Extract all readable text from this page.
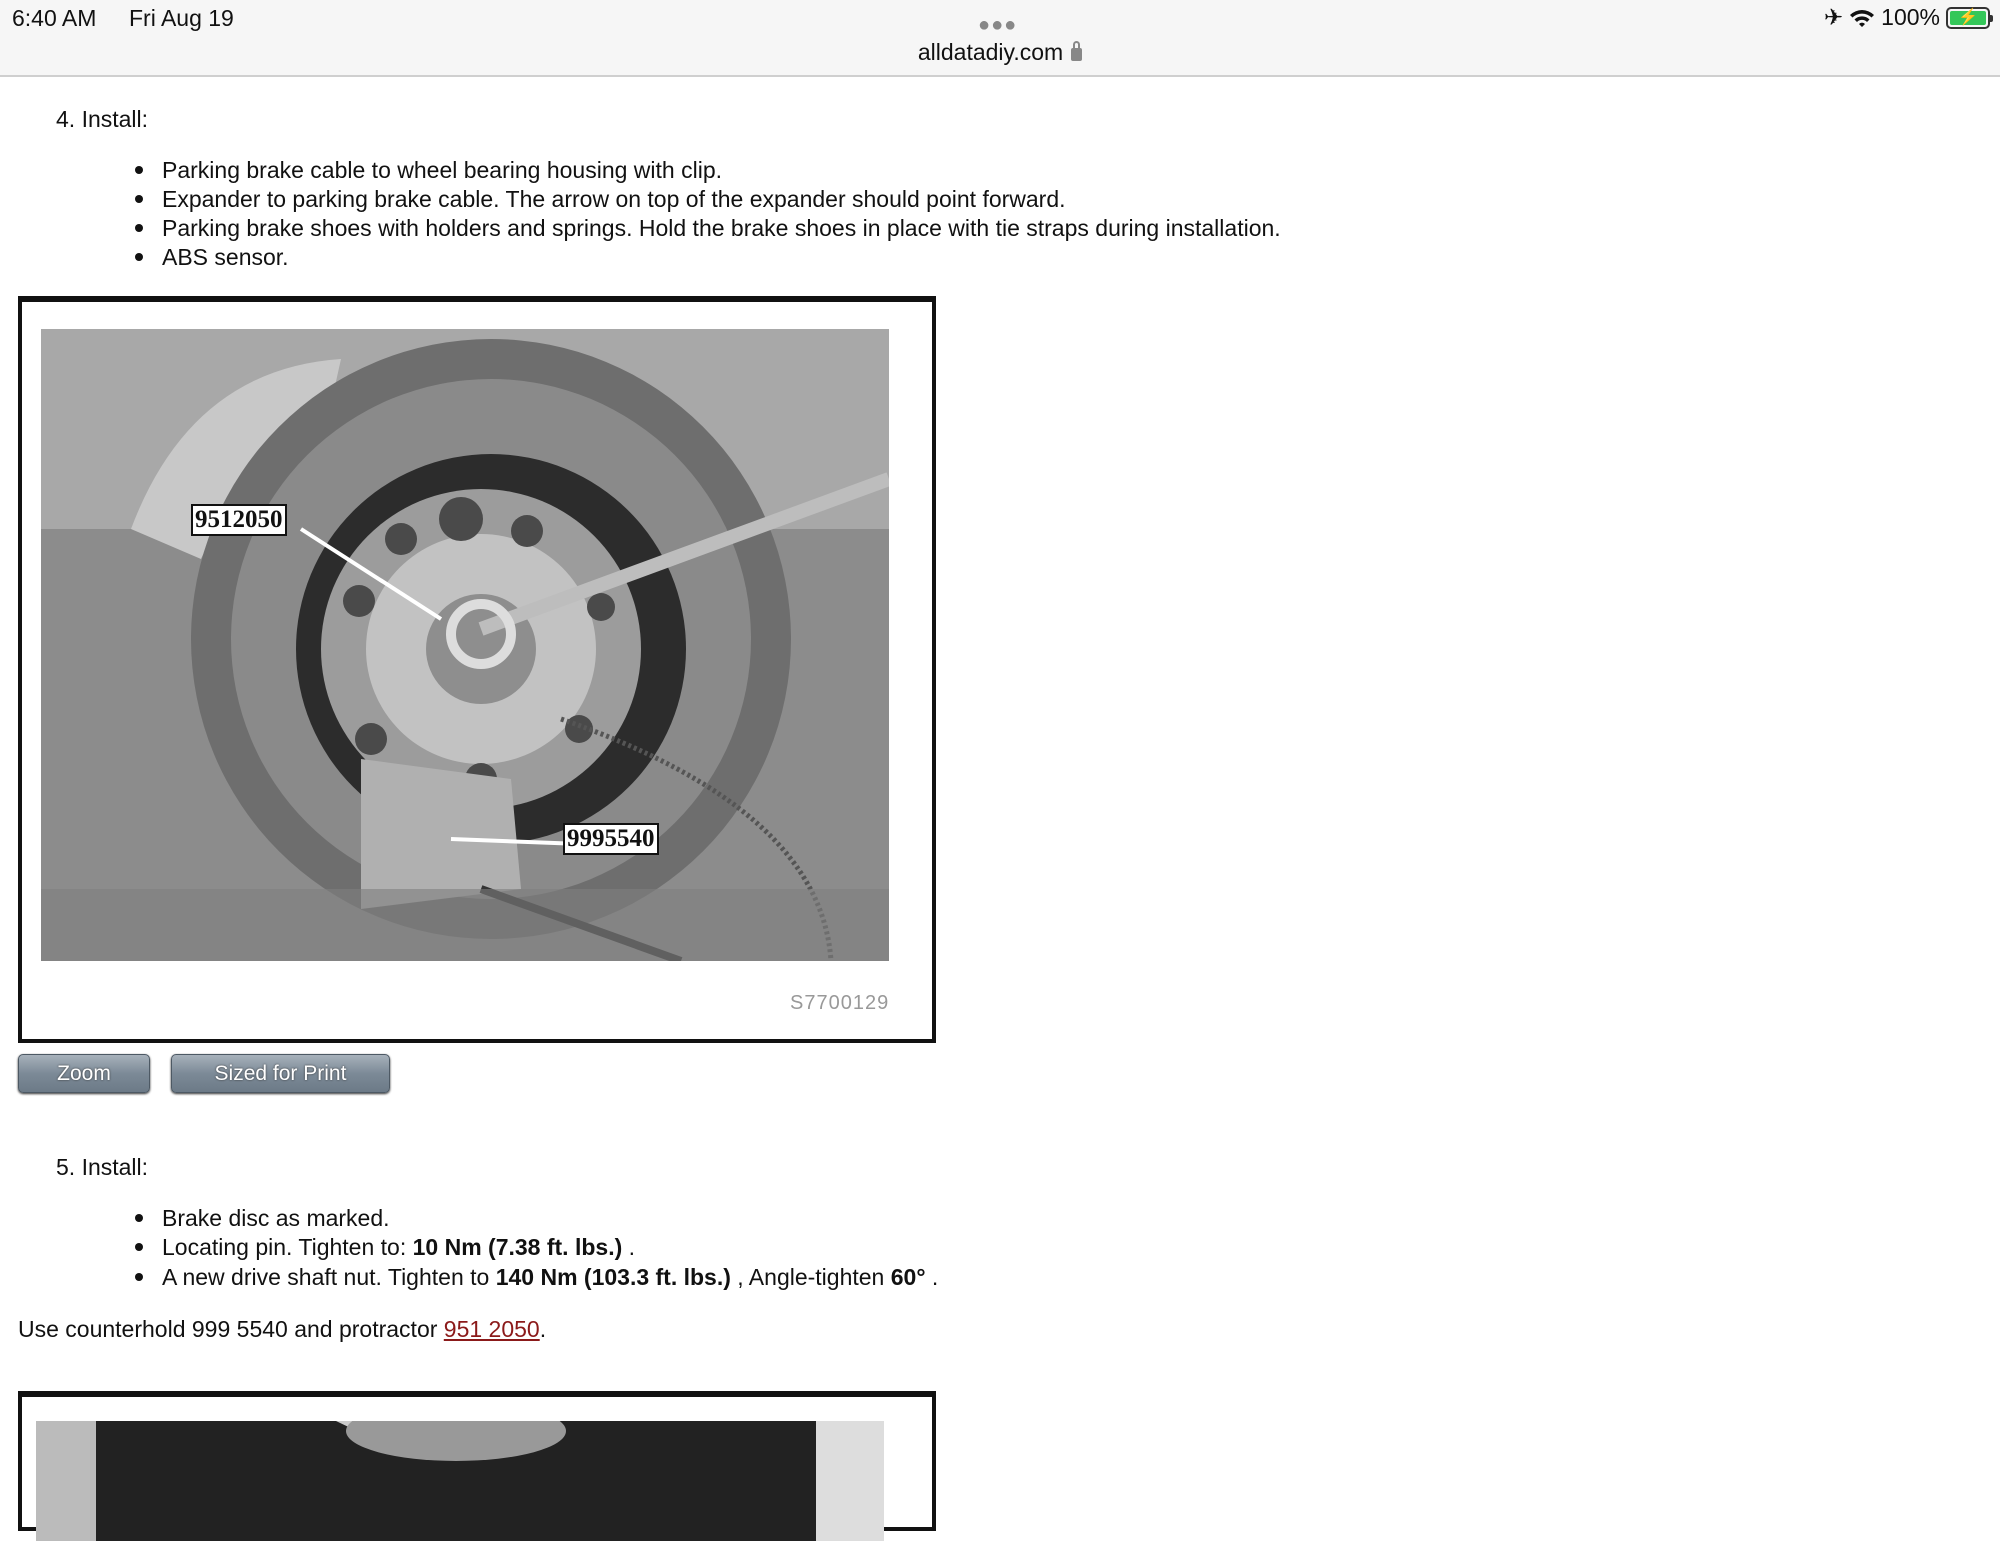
6:40 AM Fri Aug 19	●●●
alldatadiy.com
✈ 100%	⚡
4. Install:
Parking brake cable to wheel bearing housing with clip.
Expander to parking brake cable. The arrow on top of the expander should point forward.
Parking brake shoes with holders and springs. Hold the brake shoes in place with tie straps during installation.
ABS sensor.
9512050
9995540
S7700129
Zoom	Sized for Print
5. Install:
Brake disc as marked.
Locating pin. Tighten to: 10 Nm (7.38 ft. lbs.) .
A new drive shaft nut. Tighten to 140 Nm (103.3 ft. lbs.) , Angle-tighten 60° .
Use counterhold 999 5540 and protractor 951 2050.
